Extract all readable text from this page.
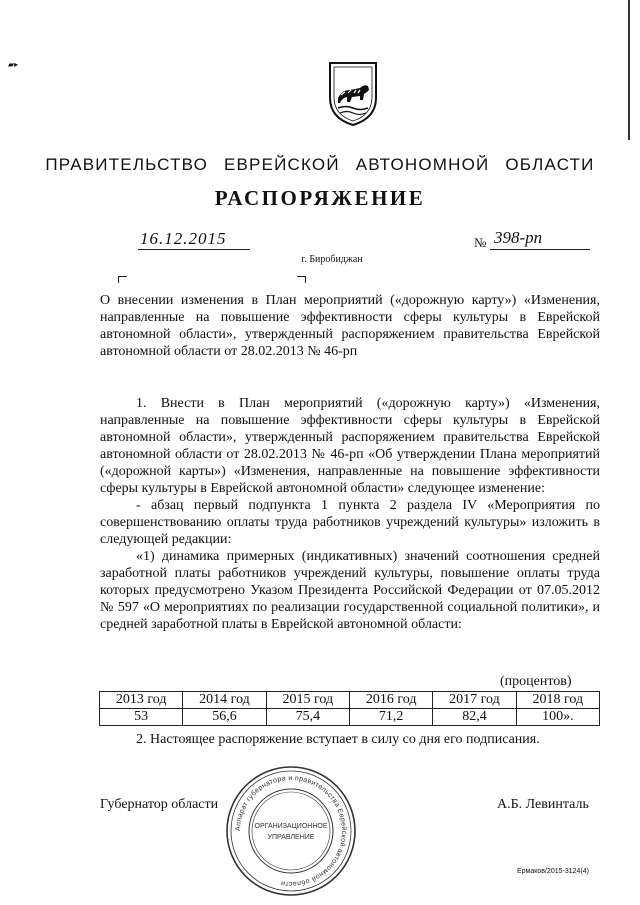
▰▸
ПРАВИТЕЛЬСТВО ЕВРЕЙСКОЙ АВТОНОМНОЙ ОБЛАСТИ
РАСПОРЯЖЕНИЕ
16.12.2015	№ 398-рп
г. Биробиджан

О внесении изменения в План мероприятий («дорожную карту») «Изменения, направленные на повышение эффективности сферы культуры в Еврейской автономной области», утвержденный распоряжением правительства Еврейской автономной области от 28.02.2013 № 46-рп

1. Внести в План мероприятий («дорожную карту») «Изменения, направленные на повышение эффективности сферы культуры в Еврейской автономной области», утвержденный распоряжением правительства Еврейской автономной области от 28.02.2013 № 46-рп «Об утверждении Плана мероприятий («дорожной карты») «Изменения, направленные на повышение эффективности сферы культуры в Еврейской автономной области» следующее изменение:

- абзац первый подпункта 1 пункта 2 раздела IV «Мероприятия по совершенствованию оплаты труда работников учреждений культуры» изложить в следующей редакции:

«1) динамика примерных (индикативных) значений соотношения средней заработной платы работников учреждений культуры, повышение оплаты труда которых предусмотрено Указом Президента Российской Федерации от 07.05.2012 № 597 «О мероприятиях по реализации государственной социальной политики», и средней заработной платы в Еврейской автономной области:

(процентов)
2013 год	2014 год	2015 год	2016 год	2017 год	2018 год
53	56,6	75,4	71,2	82,4	100».
2. Настоящее распоряжение вступает в силу со дня его подписания.
Губернатор области	А.Б. Левинталь
Аппарат губернатора и правительства Еврейской автономной области
ОРГАНИЗАЦИОННОЕ
УПРАВЛЕНИЕ
Ермаков/2015-3124(4)
